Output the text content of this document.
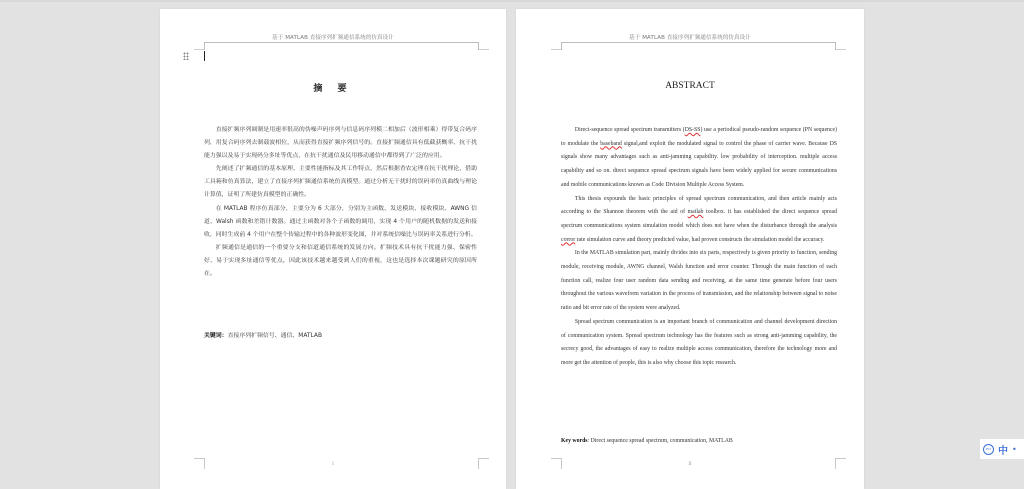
基于 MATLAB 直接序列扩频通信系统的仿真设计
摘 要

直接扩频序列调制是用速率很高的伪噪声码序列与信息码序列模二相加后（波形相乘）得带复合码序列，用复合码序列去制载波相位，从而获得直接扩频序列信号的。直接扩频通信具有低截获概率、抗干扰能力强以及易于实现码分多址等优点，在抗干扰通信及民用移动通信中都得到了广泛的应用。

先阐述了扩频通信的基本原理、主要性能指标及其工作特点，然后根据香农定理在抗干扰理论，借助工具箱和仿真算法，建立了直接序列扩频通信系统仿真模型。通过分析无干扰时的误码率仿真曲线与理论计算值，证明了所建仿真模型的正确性。

在 MATLAB 程序仿真部分，主要分为 6 大部分，分别为主函数、发送模块、接收模块、AWNG 信道、Walsh 函数和差错计数器。通过主函数对各个子函数的调用，实现 4 个用户的随机数据的发送和接收，同时生成前 4 个用户在整个传输过程中的各种波形变化图，并对系统信噪比与误码率关系进行分析。

扩频通信是通信的一个重要分支和信道通信系统的发展方向。扩频技术具有抗干扰能力强、保密性好、易于实现多址通信等优点，因此该技术越来越受到人们的重视，这也是选择本次课题研究的原因所在。

关键词：直接序列扩频信号、通信、MATLAB
I
基于 MATLAB 直接序列扩频通信系统的仿真设计
ABSTRACT

Direct-sequence spread spectrum transmitters (DS-SS) use a periodical pseudo-random sequence (PN sequence) to modulate the baseband signal,and exploit the modulated signal to control the phase of carrier wave. Because DS signals show many advantages such as anti-jamming capability. low probability of interception. multiple access capability and so on. direct sequence spread spectrum signals have been widely applied for secure communications and mobile communications known as Code Division Multiple Access System.

This thesis expounds the basic principles of spread spectrum communication, and then article mainly acts according to the Shannon theorem with the aid of matlab toolbox. it has established the direct sequence spread spectrum communications system simulation model which does not have when the disturbance through the analysis corror rate simulation curve and theory predicted value, had proven constructs the simulation model the accuracy.

In the MATLAB simulation part, mainly divides into six parts, respectively is given priority to function, sending module, receiving module, AWNG channel, Walsh function and error counter. Through the main function of each function call, realize four user random data sending and receiving, at the same time generate before four users throughout the various waveform variation in the process of transmission, and the relationship between signal to noise ratio and bit error rate of the system were analyzed.

Spread spectrum communication is an important branch of communication and channel development direction of communication system. Spread spectrum technology has the features such as strong anti-jamming capability, the secrecy good, the advantages of easy to realize multiple access communication, therefore the technology more and more get the attention of people, this is also why choose this topic research.

Key words: Direct sequence spread spectrum, communication, MATLAB
II
iFLY 中 •
